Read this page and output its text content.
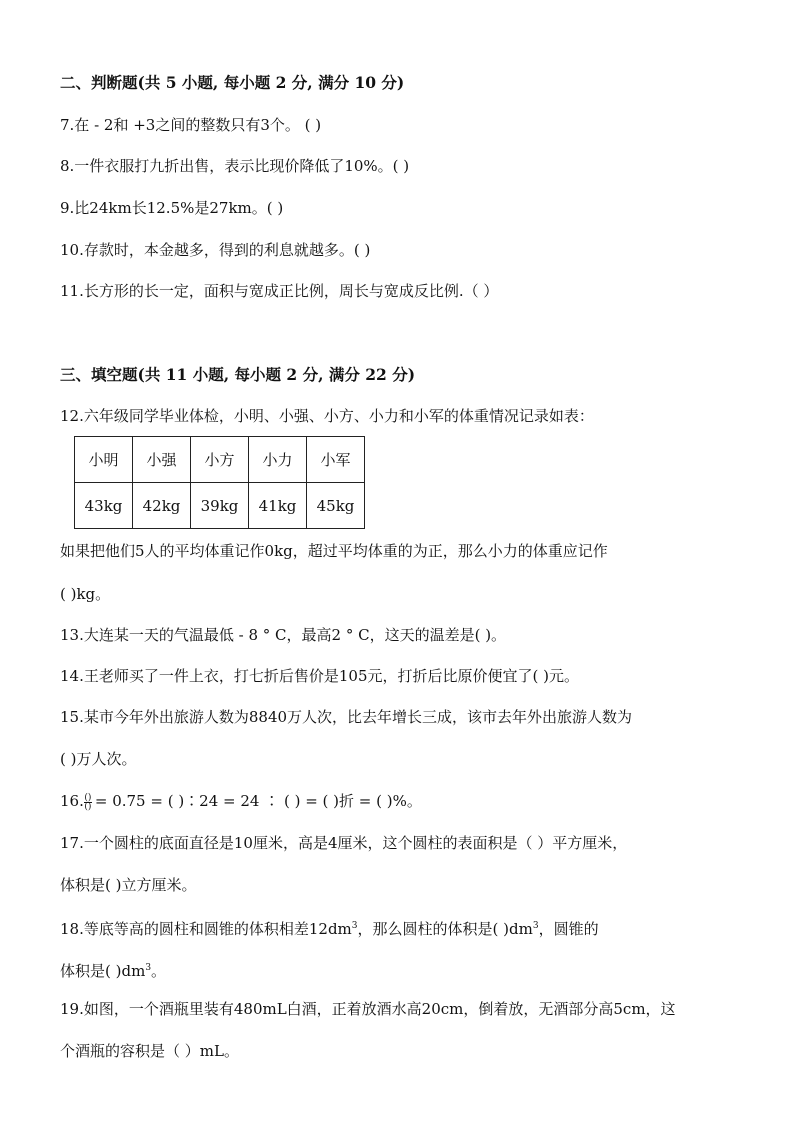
二、判断题(共 5 小题, 每小题 2 分, 满分 10 分)
7.在 - 2和 +3之间的整数只有3个。 ( )
8.一件衣服打九折出售，表示比现价降低了10%。( )
9.比24km长12.5%是27km。( )
10.存款时，本金越多，得到的利息就越多。( )
11.长方形的长一定，面积与宽成正比例，周长与宽成反比例.（ ）
三、填空题(共 11 小题, 每小题 2 分, 满分 22 分)
12.六年级同学毕业体检，小明、小强、小方、小力和小军的体重情况记录如表：
小明	小强	小方	小力	小军
43kg	42kg	39kg	41kg	45kg
如果把他们5人的平均体重记作0kg，超过平均体重的为正，那么小力的体重应记作
( )kg。
13.大连某一天的气温最低 - 8 ° C，最高2 ° C，这天的温差是( )。
14.王老师买了一件上衣，打七折后售价是105元，打折后比原价便宜了( )元。
15.某市今年外出旅游人数为8840万人次，比去年增长三成，该市去年外出旅游人数为
( )万人次。
16. $\frac{()}{()} = 0.75$ = ( )∶24 = 24 ∶ ( ) = ( )折 = ( )%。
17.一个圆柱的底面直径是10厘米，高是4厘米，这个圆柱的表面积是（ ）平方厘米，
体积是( )立方厘米。
18.等底等高的圆柱和圆锥的体积相差$12dm^3$，那么圆柱的体积是( )$dm^3$，圆锥的
体积是( )$dm^3$。
19.如图，一个酒瓶里装有480mL白酒，正着放酒水高20cm，倒着放，无酒部分高5cm，这
个酒瓶的容积是（ ）mL。
